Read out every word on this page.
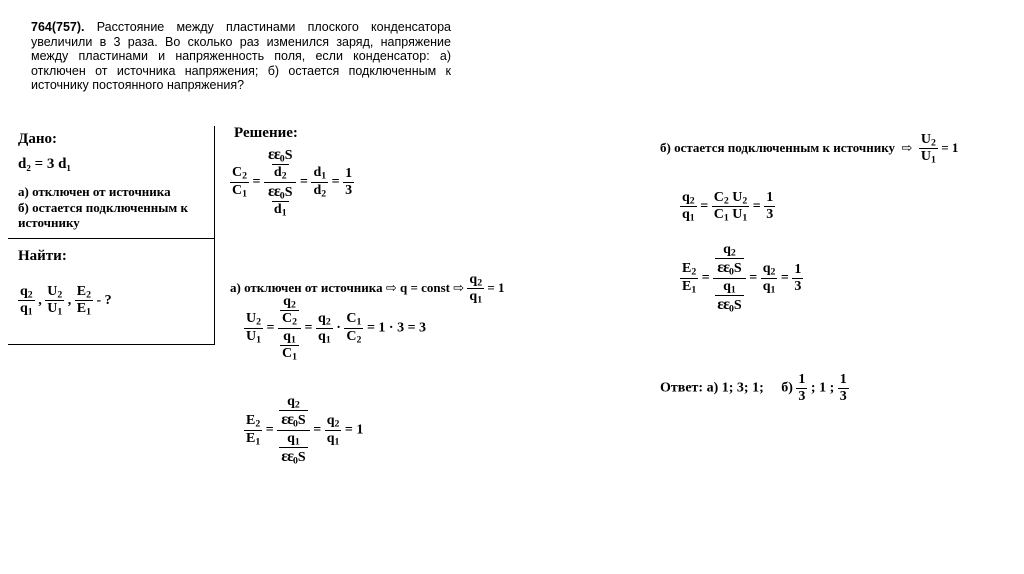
764(757). Расстояние между пластинами плоского конденсатора увеличили в 3 раза. Во сколько раз изменился заряд, напряжение между пластинами и напряженность поля, если конденсатор: а) отключен от источника напряжения; б) остается подключенным к источнику постоянного напряжения?
Дано:
d₂ = 3 d₁
а) отключен от источника
б) остается подключенным к источнику
Найти:
$\frac{q_2}{q_1}$ , $\frac{U_2}{U_1}$ , $\frac{E_2}{E_1}$ - ?
Решение:
$\frac{C_2}{C_1} = \frac{\frac{\varepsilon\varepsilon_0S}{d_2}}{\frac{\varepsilon\varepsilon_0S}{d_1}} = \frac{d_1}{d_2} = \frac{1}{3}$
а) отключен от источника ⇨ q = const ⇨ $\frac{q_2}{q_1} = 1$
$\frac{U_2}{U_1} = \frac{\frac{q_2}{C_2}}{\frac{q_1}{C_1}} = \frac{q_2}{q_1} \cdot \frac{C_1}{C_2} = 1 \cdot 3 = 3$
$\frac{E_2}{E_1} = \frac{\frac{q_2}{\varepsilon\varepsilon_0S}}{\frac{q_1}{\varepsilon\varepsilon_0S}} = \frac{q_2}{q_1} = 1$
б) остается подключенным к источнику ⇨ $\frac{U_2}{U_1} = 1$
$\frac{q_2}{q_1} = \frac{C_2 U_2}{C_1 U_1} = \frac{1}{3}$
$\frac{E_2}{E_1} = \frac{\frac{q_2}{\varepsilon\varepsilon_0S}}{\frac{q_1}{\varepsilon\varepsilon_0S}} = \frac{q_2}{q_1} = \frac{1}{3}$
Ответ: а) 1; 3; 1; $б) \frac{1}{3}$ ; 1 ; $\frac{1}{3}$
